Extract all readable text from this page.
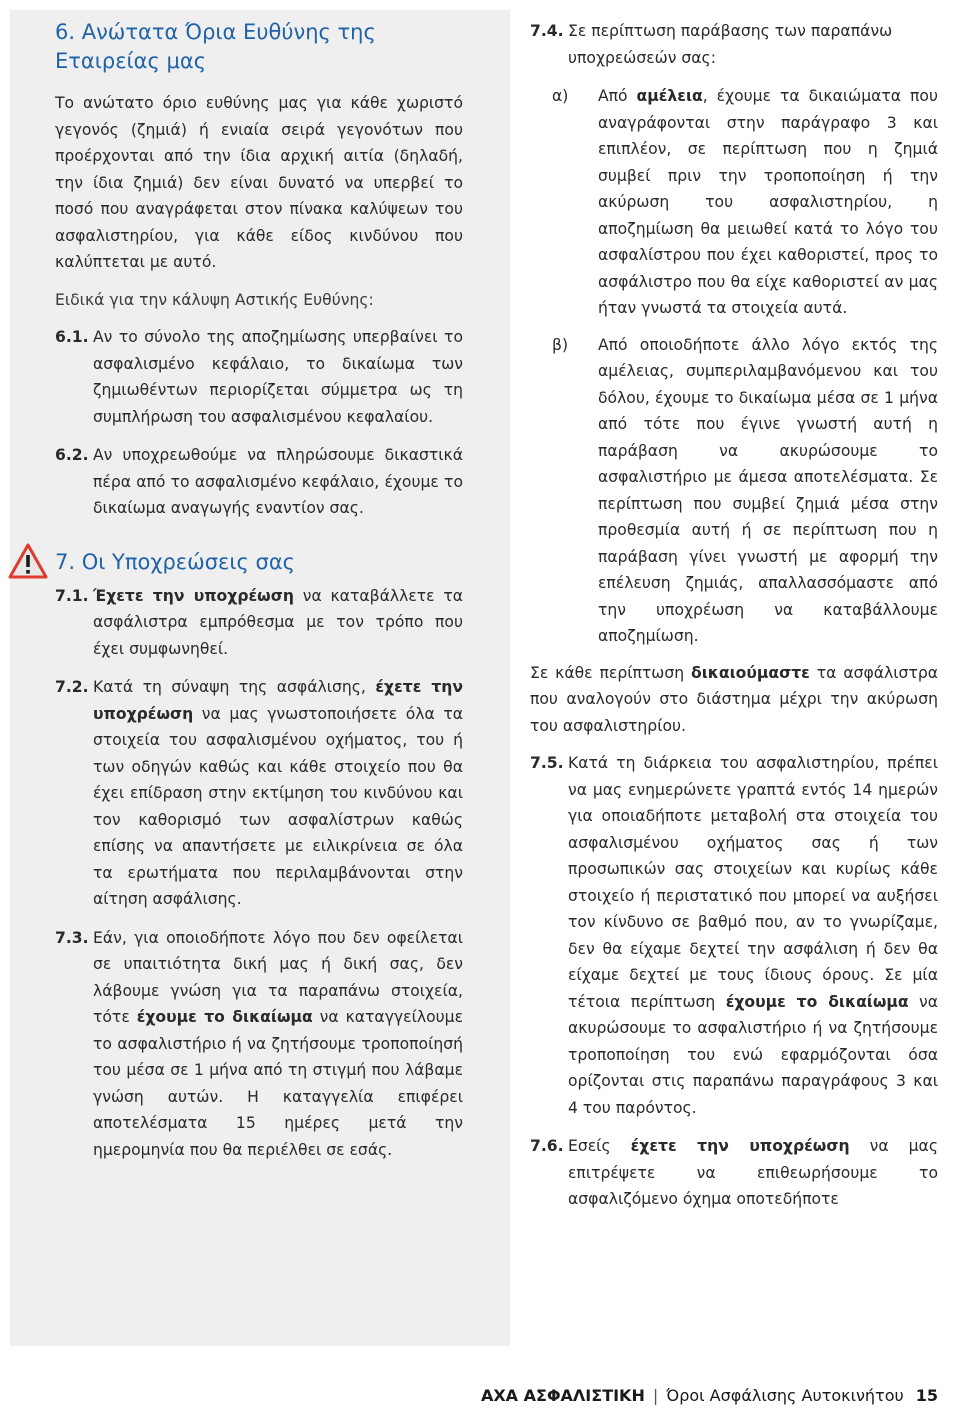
6. Ανώτατα Όρια Ευθύνης της Εταιρείας μας

Το ανώτατο όριο ευθύνης μας για κάθε χωριστό γεγονός (ζημιά) ή ενιαία σειρά γεγονότων που προέρχονται από την ίδια αρχική αιτία (δηλαδή, την ίδια ζημιά) δεν είναι δυνατό να υπερβεί το ποσό που αναγράφεται στον πίνακα καλύψεων του ασφαλιστηρίου, για κάθε είδος κινδύνου που καλύπτεται με αυτό.

Ειδικά για την κάλυψη Αστικής Ευθύνης:

6.1. Αν το σύνολο της αποζημίωσης υπερβαίνει το ασφαλισμένο κεφάλαιο, το δικαίωμα των ζημιωθέντων περιορίζεται σύμμετρα ως τη συμπλήρωση του ασφαλισμένου κεφαλαίου.
6.2. Αν υποχρεωθούμε να πληρώσουμε δικαστικά πέρα από το ασφαλισμένο κεφάλαιο, έχουμε το δικαίωμα αναγωγής εναντίον σας.
7. Οι Υποχρεώσεις σας
7.1. Έχετε την υποχρέωση να καταβάλλετε τα ασφάλιστρα εμπρόθεσμα με τον τρόπο που έχει συμφωνηθεί.
7.2. Κατά τη σύναψη της ασφάλισης, έχετε την υποχρέωση να μας γνωστοποιήσετε όλα τα στοιχεία του ασφαλισμένου οχήματος, του ή των οδηγών καθώς και κάθε στοιχείο που θα έχει επίδραση στην εκτίμηση του κινδύνου και τον καθορισμό των ασφαλίστρων καθώς επίσης να απαντήσετε με ειλικρίνεια σε όλα τα ερωτήματα που περιλαμβάνονται στην αίτηση ασφάλισης.
7.3. Εάν, για οποιοδήποτε λόγο που δεν οφείλεται σε υπαιτιότητα δική μας ή δική σας, δεν λάβουμε γνώση για τα παραπάνω στοιχεία, τότε έχουμε το δικαίωμα να καταγγείλουμε το ασφαλιστήριο ή να ζητήσουμε τροποποίησή του μέσα σε 1 μήνα από τη στιγμή που λάβαμε γνώση αυτών. Η καταγγελία επιφέρει αποτελέσματα 15 ημέρες μετά την ημερομηνία που θα περιέλθει σε εσάς.
7.4. Σε περίπτωση παράβασης των παραπάνω υποχρεώσεών σας:
α)	Από αμέλεια, έχουμε τα δικαιώματα που αναγράφονται στην παράγραφο 3 και επιπλέον, σε περίπτωση που η ζημιά συμβεί πριν την τροποποίηση ή την ακύρωση του ασφαλιστηρίου, η αποζημίωση θα μειωθεί κατά το λόγο του ασφαλίστρου που έχει καθοριστεί, προς το ασφάλιστρο που θα είχε καθοριστεί αν μας ήταν γνωστά τα στοιχεία αυτά.
β)	Από οποιοδήποτε άλλο λόγο εκτός της αμέλειας, συμπεριλαμβανόμενου και του δόλου, έχουμε το δικαίωμα μέσα σε 1 μήνα από τότε που έγινε γνωστή αυτή η παράβαση να ακυρώσουμε το ασφαλιστήριο με άμεσα αποτελέσματα. Σε περίπτωση που συμβεί ζημιά μέσα στην προθεσμία αυτή ή σε περίπτωση που η παράβαση γίνει γνωστή με αφορμή την επέλευση ζημιάς, απαλλασσόμαστε από την υποχρέωση να καταβάλλουμε αποζημίωση.

Σε κάθε περίπτωση δικαιούμαστε τα ασφάλιστρα που αναλογούν στο διάστημα μέχρι την ακύρωση του ασφαλιστηρίου.

7.5. Κατά τη διάρκεια του ασφαλιστηρίου, πρέπει να μας ενημερώνετε γραπτά εντός 14 ημερών για οποιαδήποτε μεταβολή στα στοιχεία του ασφαλισμένου οχήματος σας ή των προσωπικών σας στοιχείων και κυρίως κάθε στοιχείο ή περιστατικό που μπορεί να αυξήσει τον κίνδυνο σε βαθμό που, αν το γνωρίζαμε, δεν θα είχαμε δεχτεί την ασφάλιση ή δεν θα είχαμε δεχτεί με τους ίδιους όρους. Σε μία τέτοια περίπτωση έχουμε το δικαίωμα να ακυρώσουμε το ασφαλιστήριο ή να ζητήσουμε τροποποίηση του ενώ εφαρμόζονται όσα ορίζονται στις παραπάνω παραγράφους 3 και 4 του παρόντος.
7.6. Εσείς έχετε την υποχρέωση να μας επιτρέψετε να επιθεωρήσουμε το ασφαλιζόμενο όχημα οποτεδήποτε
ΑΧΑ ΑΣΦΑΛΙΣΤΙΚΗ | Όροι Ασφάλισης Αυτοκινήτου 15
